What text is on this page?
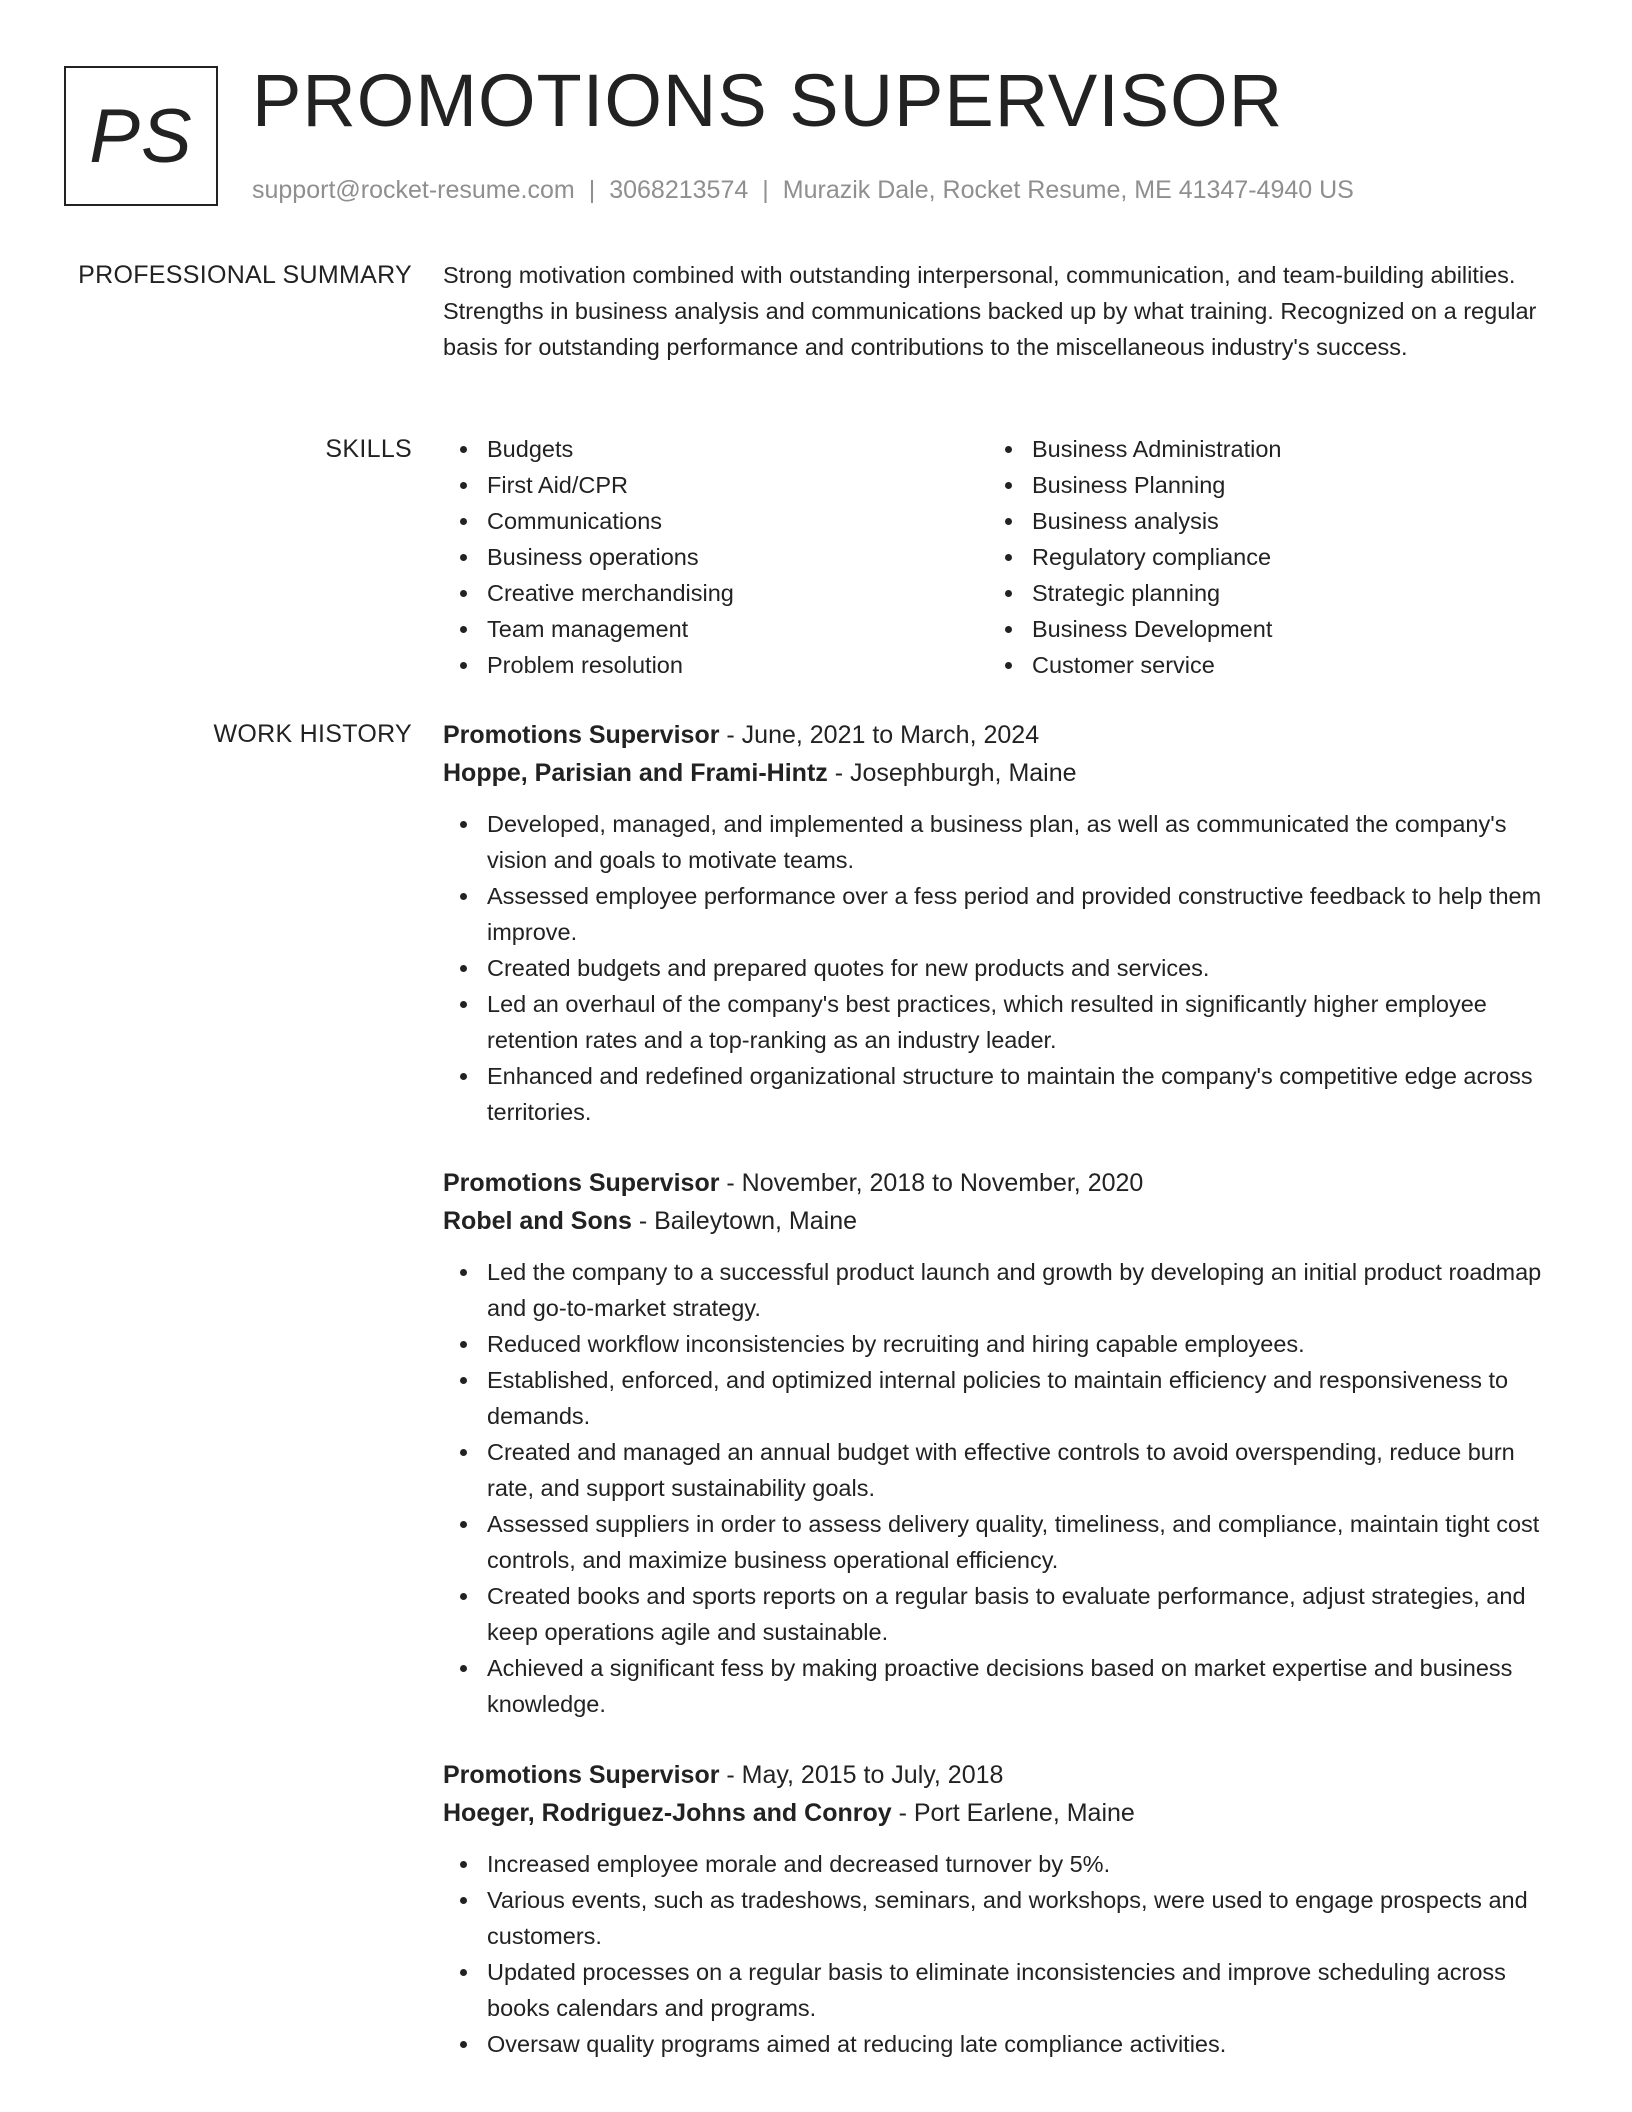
PS PROMOTIONS SUPERVISOR
support@rocket-resume.com | 3068213574 | Murazik Dale, Rocket Resume, ME 41347-4940 US
PROFESSIONAL SUMMARY Strong motivation combined with outstanding interpersonal, communication, and team-building abilities. Strengths in business analysis and communications backed up by what training. Recognized on a regular basis for outstanding performance and contributions to the miscellaneous industry's success.

SKILLS	Budgets
First Aid/CPR
Communications
Business operations
Creative merchandising
Team management
Problem resolution
Business Administration
Business Planning
Business analysis
Regulatory compliance
Strategic planning
Business Development
Customer service
WORK HISTORY Promotions Supervisor - June, 2021 to March, 2024
Hoppe, Parisian and Frami-Hintz - Josephburgh, Maine
Developed, managed, and implemented a business plan, as well as communicated the company's vision and goals to motivate teams.
Assessed employee performance over a fess period and provided constructive feedback to help them improve.
Created budgets and prepared quotes for new products and services.
Led an overhaul of the company's best practices, which resulted in significantly higher employee retention rates and a top-ranking as an industry leader.
Enhanced and redefined organizational structure to maintain the company's competitive edge across territories.
Promotions Supervisor - November, 2018 to November, 2020
Robel and Sons - Baileytown, Maine
Led the company to a successful product launch and growth by developing an initial product roadmap and go-to-market strategy.
Reduced workflow inconsistencies by recruiting and hiring capable employees.
Established, enforced, and optimized internal policies to maintain efficiency and responsiveness to demands.
Created and managed an annual budget with effective controls to avoid overspending, reduce burn rate, and support sustainability goals.
Assessed suppliers in order to assess delivery quality, timeliness, and compliance, maintain tight cost controls, and maximize business operational efficiency.
Created books and sports reports on a regular basis to evaluate performance, adjust strategies, and keep operations agile and sustainable.
Achieved a significant fess by making proactive decisions based on market expertise and business knowledge.
Promotions Supervisor - May, 2015 to July, 2018
Hoeger, Rodriguez-Johns and Conroy - Port Earlene, Maine
Increased employee morale and decreased turnover by 5%.
Various events, such as tradeshows, seminars, and workshops, were used to engage prospects and customers.
Updated processes on a regular basis to eliminate inconsistencies and improve scheduling across books calendars and programs.
Oversaw quality programs aimed at reducing late compliance activities.
